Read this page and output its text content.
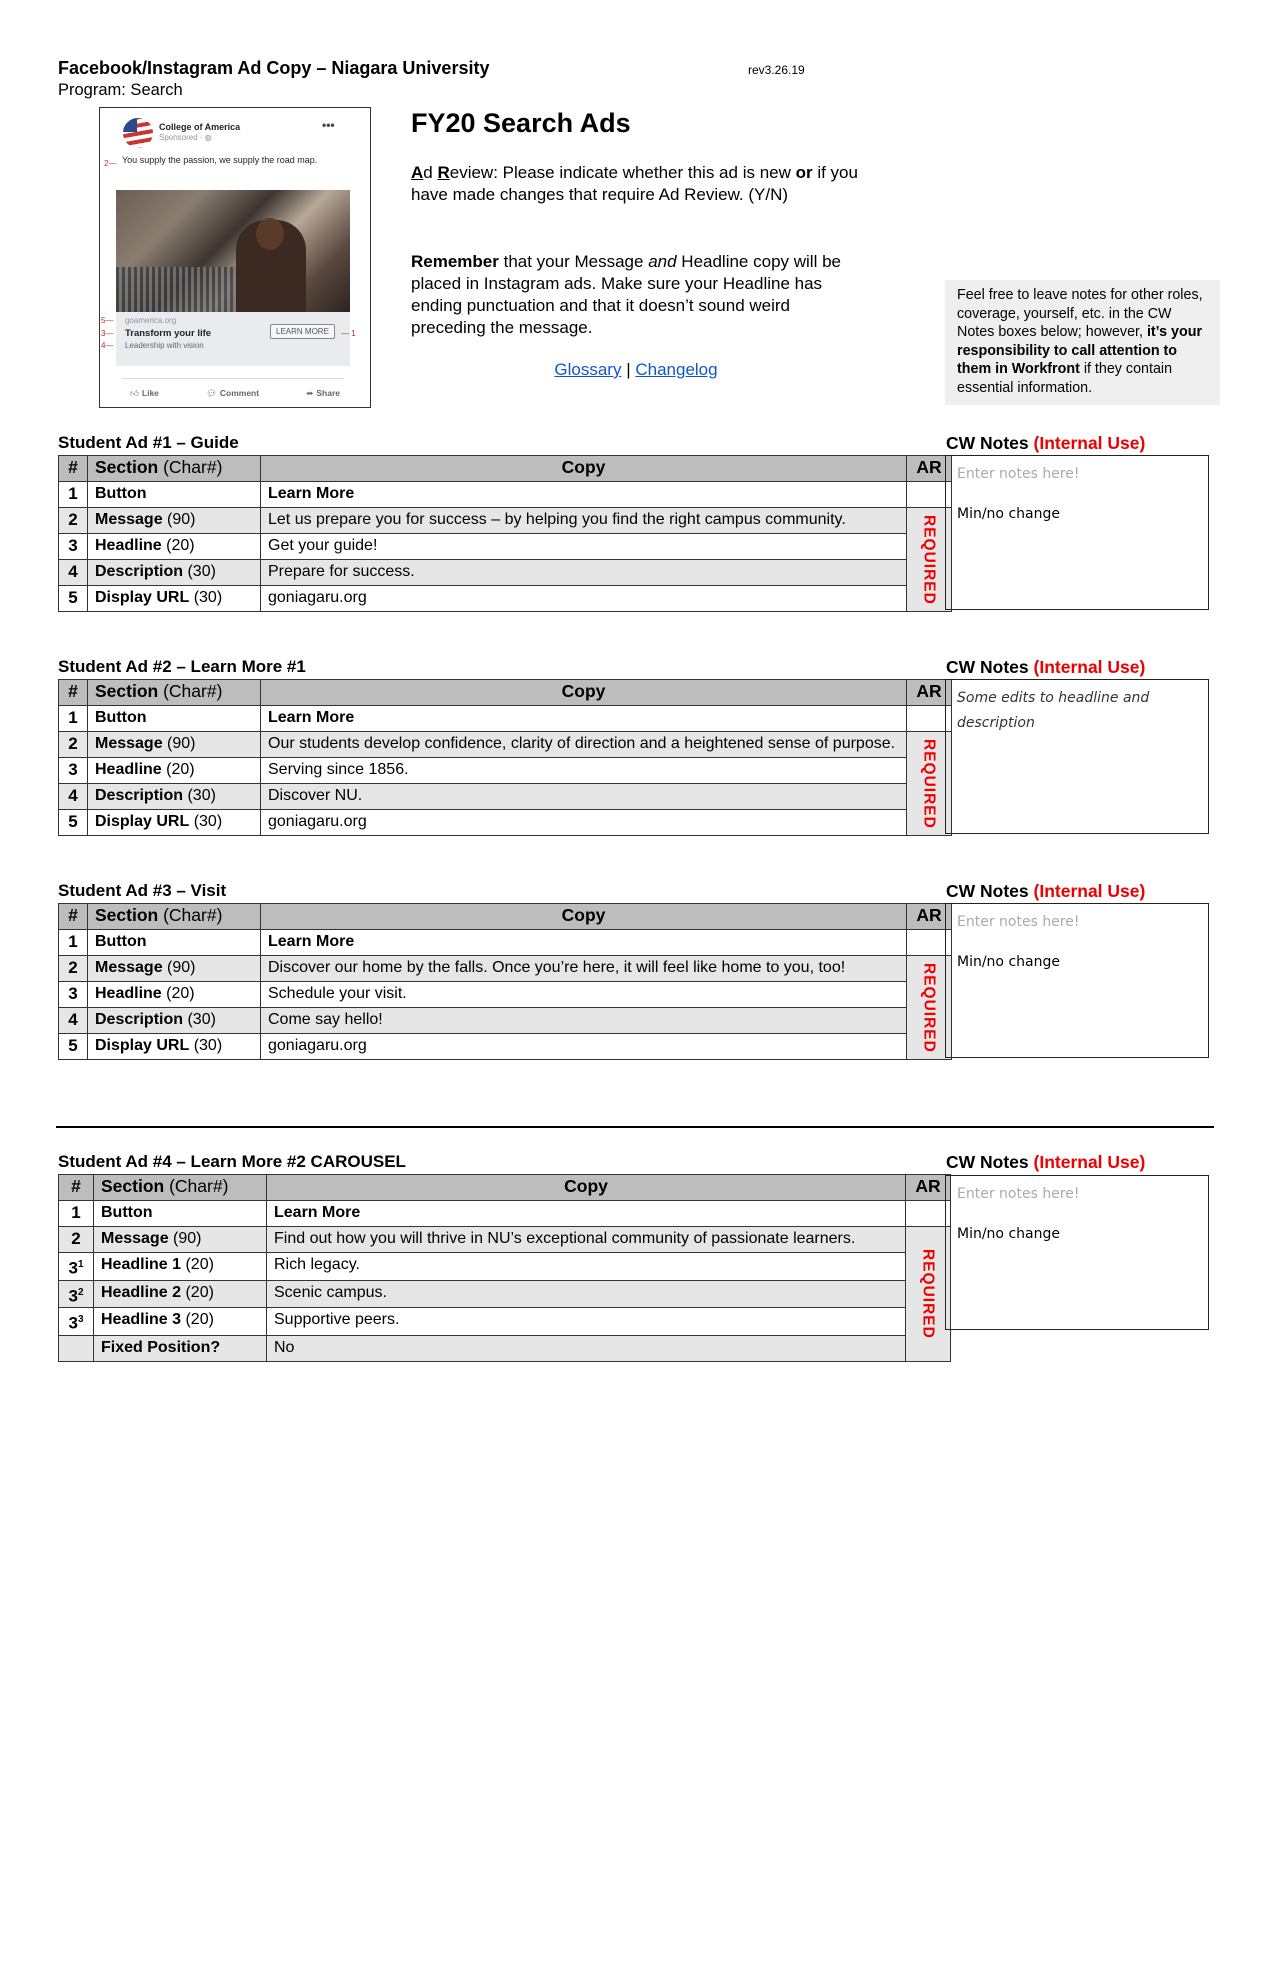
Facebook/Instagram Ad Copy – Niagara University
Program: Search
rev3.26.19
College of America
Sponsored · ◍
•••
2— You supply the passion, we supply the road map.
5— goamerica.org
3— Transform your life
4— Leadership with vision
LEARN MORE	— 1
👍︎ Like	💬︎ Comment	➦ Share
FY20 Search Ads
Ad Review: Please indicate whether this ad is new or if you have made changes that require Ad Review. (Y/N)
Remember that your Message and Headline copy will be placed in Instagram ads. Make sure your Headline has ending punctuation and that it doesn’t sound weird preceding the message.
Glossary | Changelog
Feel free to leave notes for other roles, coverage, yourself, etc. in the CW Notes boxes below; however, it’s your responsibility to call attention to them in Workfront if they contain essential information.
Student Ad #1 – Guide
#	Section (Char#)	Copy	AR
1	Button	Learn More	
2	Message (90)	Let us prepare you for success – by helping you find the right campus community.	REQUIRED

3	Headline (20)	Get your guide!	
4	Description (30)	Prepare for success.	
5	Display URL (30)	goniagaru.org	
CW Notes (Internal Use)
Enter notes here!
Min/no change
Student Ad #2 – Learn More #1
#	Section (Char#)	Copy	AR
1	Button	Learn More	
2	Message (90)	Our students develop confidence, clarity of direction and a heightened sense of purpose.	REQUIRED

3	Headline (20)	Serving since 1856.	
4	Description (30)	Discover NU.	
5	Display URL (30)	goniagaru.org	
CW Notes (Internal Use)
Some edits to headline and description
Student Ad #3 – Visit
#	Section (Char#)	Copy	AR
1	Button	Learn More	
2	Message (90)	Discover our home by the falls. Once you’re here, it will feel like home to you, too!	REQUIRED

3	Headline (20)	Schedule your visit.	
4	Description (30)	Come say hello!	
5	Display URL (30)	goniagaru.org	
CW Notes (Internal Use)
Enter notes here!
Min/no change
Student Ad #4 – Learn More #2 CAROUSEL
#	Section (Char#)	Copy	AR
1	Button	Learn More	
2	Message (90)	Find out how you will thrive in NU’s exceptional community of passionate learners.	REQUIRED

$3^1$	Headline 1 (20)	Rich legacy.	
$3^2$	Headline 2 (20)	Scenic campus.	
$3^3$	Headline 3 (20)	Supportive peers.	
	Fixed Position?	No	
CW Notes (Internal Use)
Enter notes here!
Min/no change
